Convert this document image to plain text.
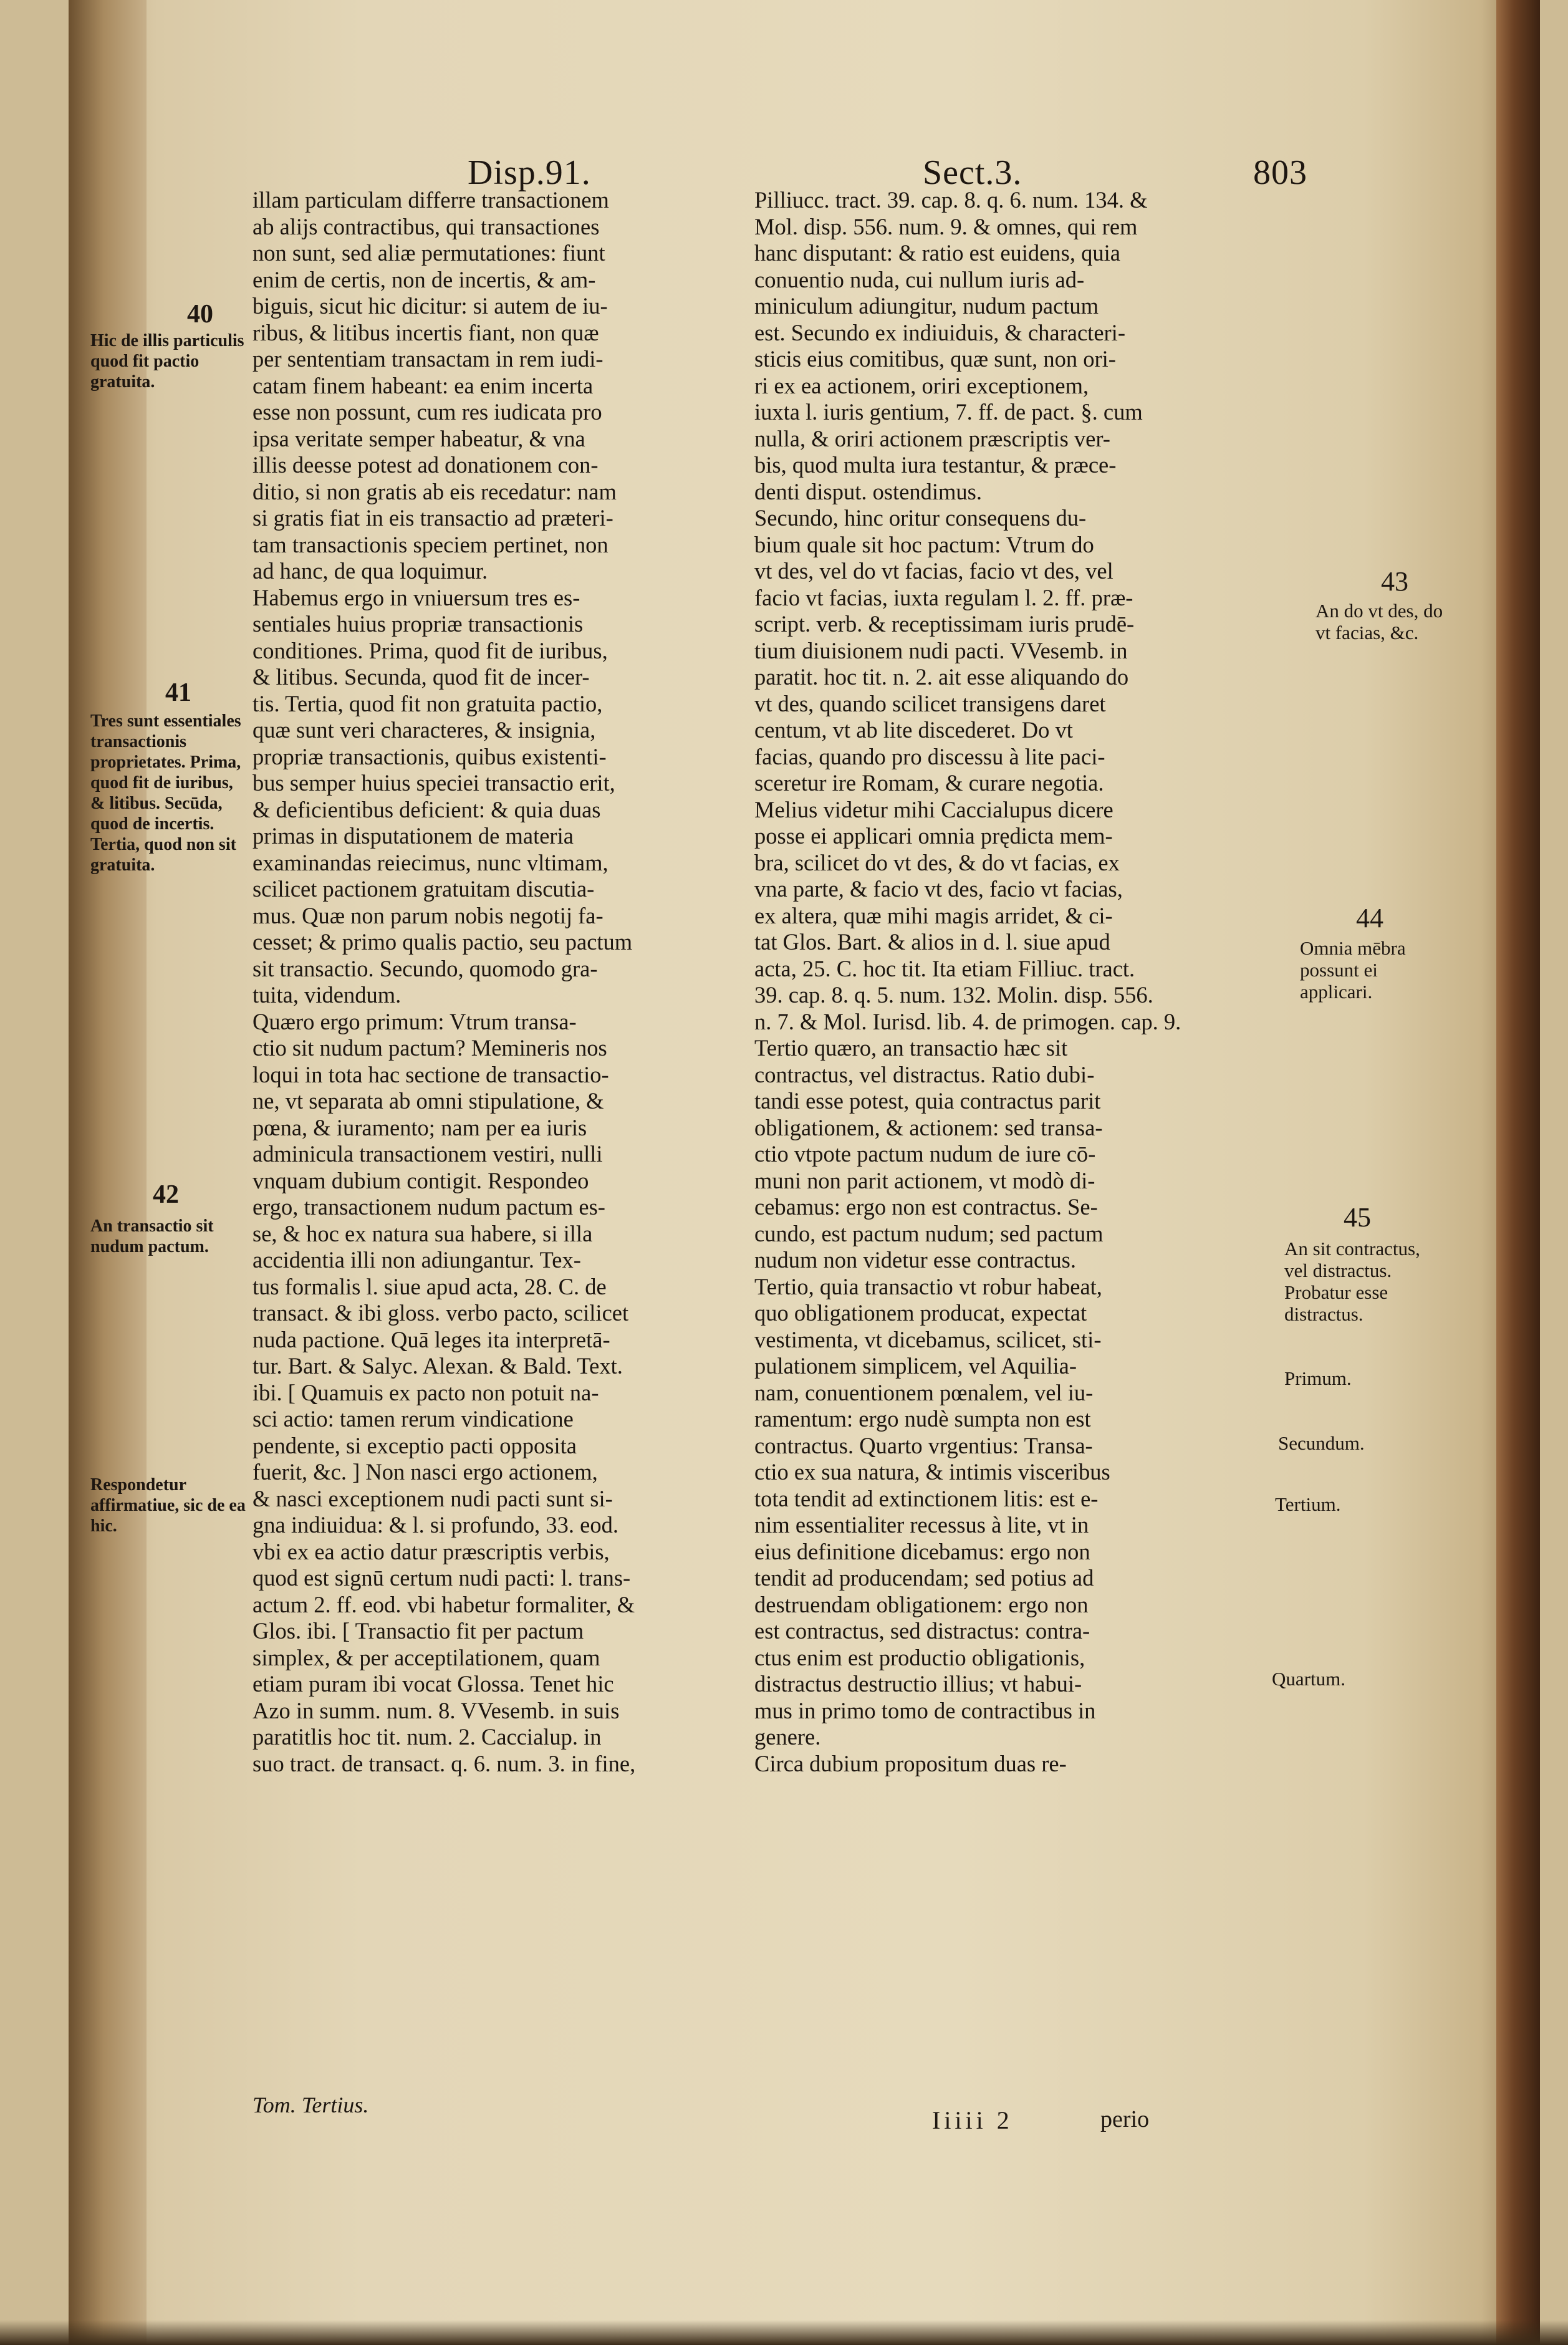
Disp.91.	Sect.3.	803
illam particulam differre transactionem
ab alijs contractibus, qui transactiones
non sunt, sed aliæ permutationes: fiunt
enim de certis, non de incertis, & am-
biguis, sicut hic dicitur: si autem de iu-
ribus, & litibus incertis fiant, non quæ
per sententiam transactam in rem iudi-
catam finem habeant: ea enim incerta
esse non possunt, cum res iudicata pro
ipsa veritate semper habeatur, & vna
illis deesse potest ad donationem con-
ditio, si non gratis ab eis recedatur: nam
si gratis fiat in eis transactio ad præteri-
tam transactionis speciem pertinet, non
ad hanc, de qua loquimur.
Habemus ergo in vniuersum tres es-
sentiales huius propriæ transactionis
conditiones. Prima, quod fit de iuribus,
& litibus. Secunda, quod fit de incer-
tis. Tertia, quod fit non gratuita pactio,
quæ sunt veri characteres, & insignia,
propriæ transactionis, quibus existenti-
bus semper huius speciei transactio erit,
& deficientibus deficient: & quia duas
primas in disputationem de materia
examinandas reiecimus, nunc vltimam,
scilicet pactionem gratuitam discutia-
mus. Quæ non parum nobis negotij fa-
cesset; & primo qualis pactio, seu pactum
sit transactio. Secundo, quomodo gra-
tuita, videndum.
Quæro ergo primum: Vtrum transa-
ctio sit nudum pactum? Memineris nos
loqui in tota hac sectione de transactio-
ne, vt separata ab omni stipulatione, &
pœna, & iuramento; nam per ea iuris
adminicula transactionem vestiri, nulli
vnquam dubium contigit. Respondeo
ergo, transactionem nudum pactum es-
se, & hoc ex natura sua habere, si illa
accidentia illi non adiungantur. Tex-
tus formalis l. siue apud acta, 28. C. de
transact. & ibi gloss. verbo pacto, scilicet
nuda pactione. Quā leges ita interpretā-
tur. Bart. & Salyc. Alexan. & Bald. Text.
ibi. [ Quamuis ex pacto non potuit na-
sci actio: tamen rerum vindicatione
pendente, si exceptio pacti opposita
fuerit, &c. ] Non nasci ergo actionem,
& nasci exceptionem nudi pacti sunt si-
gna indiuidua: & l. si profundo, 33. eod.
vbi ex ea actio datur præscriptis verbis,
quod est signū certum nudi pacti: l. trans-
actum 2. ff. eod. vbi habetur formaliter, &
Glos. ibi. [ Transactio fit per pactum
simplex, & per acceptilationem, quam
etiam puram ibi vocat Glossa. Tenet hic
Azo in summ. num. 8. VVesemb. in suis
paratitlis hoc tit. num. 2. Caccialup. in
suo tract. de transact. q. 6. num. 3. in fine,
Pilliucc. tract. 39. cap. 8. q. 6. num. 134. &
Mol. disp. 556. num. 9. & omnes, qui rem
hanc disputant: & ratio est euidens, quia
conuentio nuda, cui nullum iuris ad-
miniculum adiungitur, nudum pactum
est. Secundo ex indiuiduis, & characteri-
sticis eius comitibus, quæ sunt, non ori-
ri ex ea actionem, oriri exceptionem,
iuxta l. iuris gentium, 7. ff. de pact. §. cum
nulla, & oriri actionem præscriptis ver-
bis, quod multa iura testantur, & præce-
denti disput. ostendimus.
Secundo, hinc oritur consequens du-
bium quale sit hoc pactum: Vtrum do
vt des, vel do vt facias, facio vt des, vel
facio vt facias, iuxta regulam l. 2. ff. præ-
script. verb. & receptissimam iuris prudē-
tium diuisionem nudi pacti. VVesemb. in
paratit. hoc tit. n. 2. ait esse aliquando do
vt des, quando scilicet transigens daret
centum, vt ab lite discederet. Do vt
facias, quando pro discessu à lite paci-
sceretur ire Romam, & curare negotia.
Melius videtur mihi Caccialupus dicere
posse ei applicari omnia prędicta mem-
bra, scilicet do vt des, & do vt facias, ex
vna parte, & facio vt des, facio vt facias,
ex altera, quæ mihi magis arridet, & ci-
tat Glos. Bart. & alios in d. l. siue apud
acta, 25. C. hoc tit. Ita etiam Filliuc. tract.
39. cap. 8. q. 5. num. 132. Molin. disp. 556.
n. 7. & Mol. Iurisd. lib. 4. de primogen. cap. 9.
Tertio quæro, an transactio hæc sit
contractus, vel distractus. Ratio dubi-
tandi esse potest, quia contractus parit
obligationem, & actionem: sed transa-
ctio vtpote pactum nudum de iure cō-
muni non parit actionem, vt modò di-
cebamus: ergo non est contractus. Se-
cundo, est pactum nudum; sed pactum
nudum non videtur esse contractus.
Tertio, quia transactio vt robur habeat,
quo obligationem producat, expectat
vestimenta, vt dicebamus, scilicet, sti-
pulationem simplicem, vel Aquilia-
nam, conuentionem pœnalem, vel iu-
ramentum: ergo nudè sumpta non est
contractus. Quarto vrgentius: Transa-
ctio ex sua natura, & intimis visceribus
tota tendit ad extinctionem litis: est e-
nim essentialiter recessus à lite, vt in
eius definitione dicebamus: ergo non
tendit ad producendam; sed potius ad
destruendam obligationem: ergo non
est contractus, sed distractus: contra-
ctus enim est productio obligationis,
distractus destructio illius; vt habui-
mus in primo tomo de contractibus in
genere.
Circa dubium propositum duas re-
40
Hic de illis particulis quod fit pactio gratuita.
41
Tres sunt essentiales transactionis proprietates. Prima, quod fit de iuribus, & litibus. Secūda, quod de incertis. Tertia, quod non sit gratuita.
42
An transactio sit nudum pactum.
Respondetur affirmatiue, sic de ea hic.
43
An do vt des, do vt facias, &c.
44
Omnia mēbra possunt ei applicari.
45
An sit contractus, vel distractus. Probatur esse distractus.
Primum.
Secundum.
Tertium.
Quartum.
Tom. Tertius.
Iiiii 2	perio
